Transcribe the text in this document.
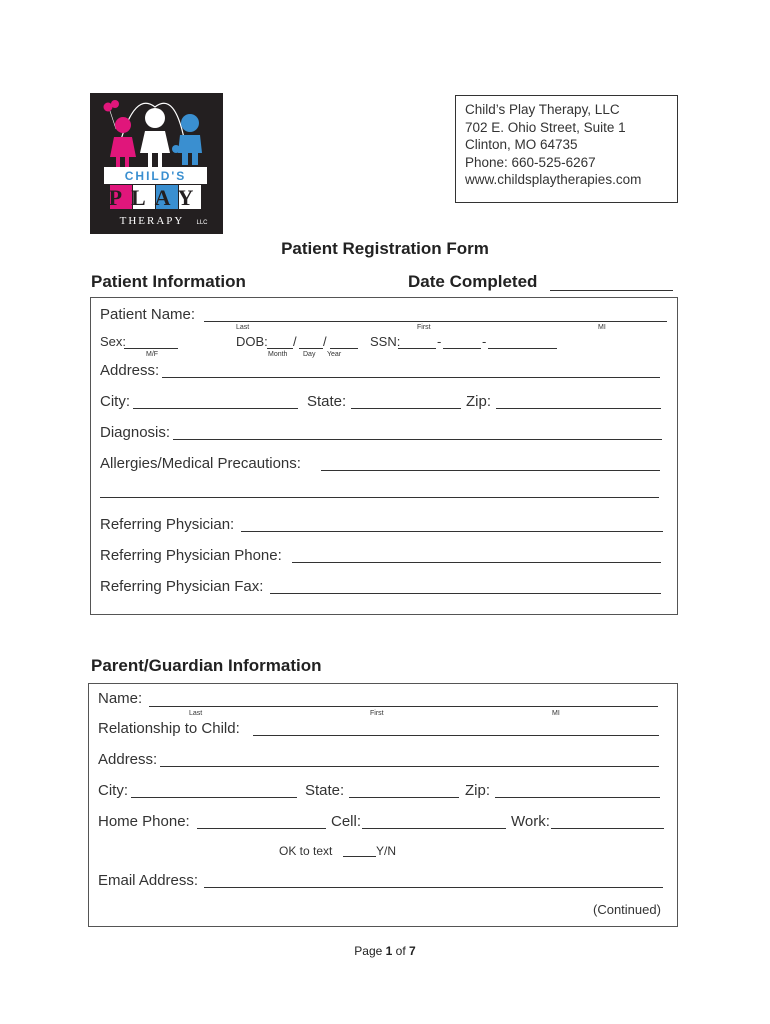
CHILD'S
PLAY
THERAPY LLC
Child’s Play Therapy, LLC
702 E. Ohio Street, Suite 1
Clinton, MO 64735
Phone: 660-525-6267
www.childsplaytherapies.com
Patient Registration Form
Patient Information	Date Completed
Patient Name:
Last	First	MI
Sex:
M/F
DOB: / /
Month Day Year
SSN:	-	-
Address:
City:	State:	Zip:
Diagnosis:
Allergies/Medical Precautions:
Referring Physician:
Referring Physician Phone:
Referring Physician Fax:
Parent/Guardian Information
Name:
Last	First	MI
Relationship to Child:
Address:
City:	State:	Zip:
Home Phone:	Cell:	Work:
OK to text	Y/N
Email Address:
(Continued)
Page 1 of 7
